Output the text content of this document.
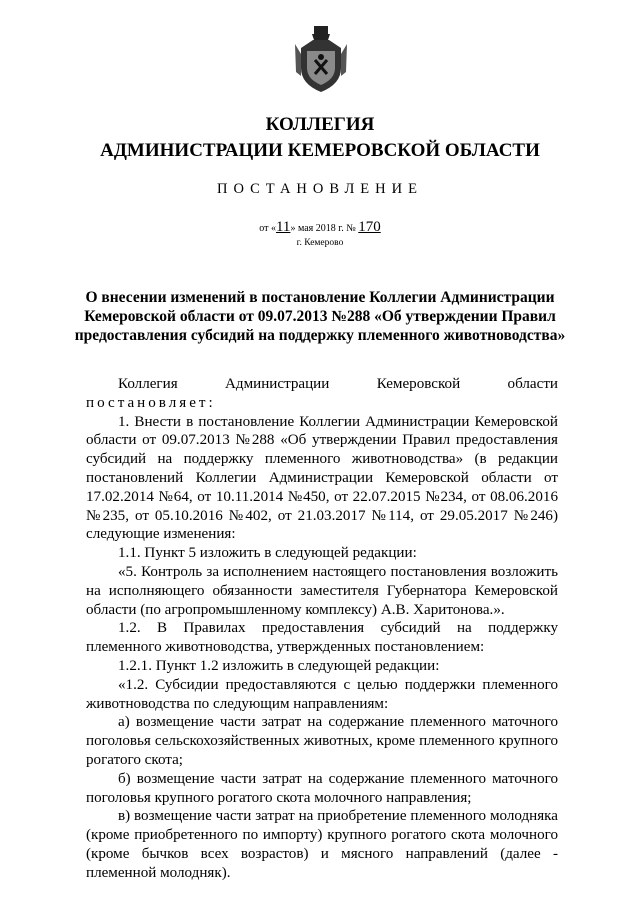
КОЛЛЕГИЯ
АДМИНИСТРАЦИИ КЕМЕРОВСКОЙ ОБЛАСТИ
ПОСТАНОВЛЕНИЕ
от «11» мая 2018 г. № 170
г. Кемерово
О внесении изменений в постановление Коллегии Администрации
Кемеровской области от 09.07.2013 №288 «Об утверждении Правил
предоставления субсидий на поддержку племенного животноводства»

Коллегия Администрации Кемеровской области постановляет:

1. Внести в постановление Коллегии Администрации Кемеровской области от 09.07.2013 №288 «Об утверждении Правил предоставления субсидий на поддержку племенного животноводства» (в редакции постановлений Коллегии Администрации Кемеровской области от 17.02.2014 №64, от 10.11.2014 №450, от 22.07.2015 №234, от 08.06.2016 №235, от 05.10.2016 №402, от 21.03.2017 №114, от 29.05.2017 №246) следующие изменения:

1.1. Пункт 5 изложить в следующей редакции:

«5. Контроль за исполнением настоящего постановления возложить на исполняющего обязанности заместителя Губернатора Кемеровской области (по агропромышленному комплексу) А.В. Харитонова.».

1.2. В Правилах предоставления субсидий на поддержку племенного животноводства, утвержденных постановлением:

1.2.1. Пункт 1.2 изложить в следующей редакции:

«1.2. Субсидии предоставляются с целью поддержки племенного животноводства по следующим направлениям:

а) возмещение части затрат на содержание племенного маточного поголовья сельскохозяйственных животных, кроме племенного крупного рогатого скота;

б) возмещение части затрат на содержание племенного маточного поголовья крупного рогатого скота молочного направления;

в) возмещение части затрат на приобретение племенного молодняка (кроме приобретенного по импорту) крупного рогатого скота молочного (кроме бычков всех возрастов) и мясного направлений (далее - племенной молодняк).
